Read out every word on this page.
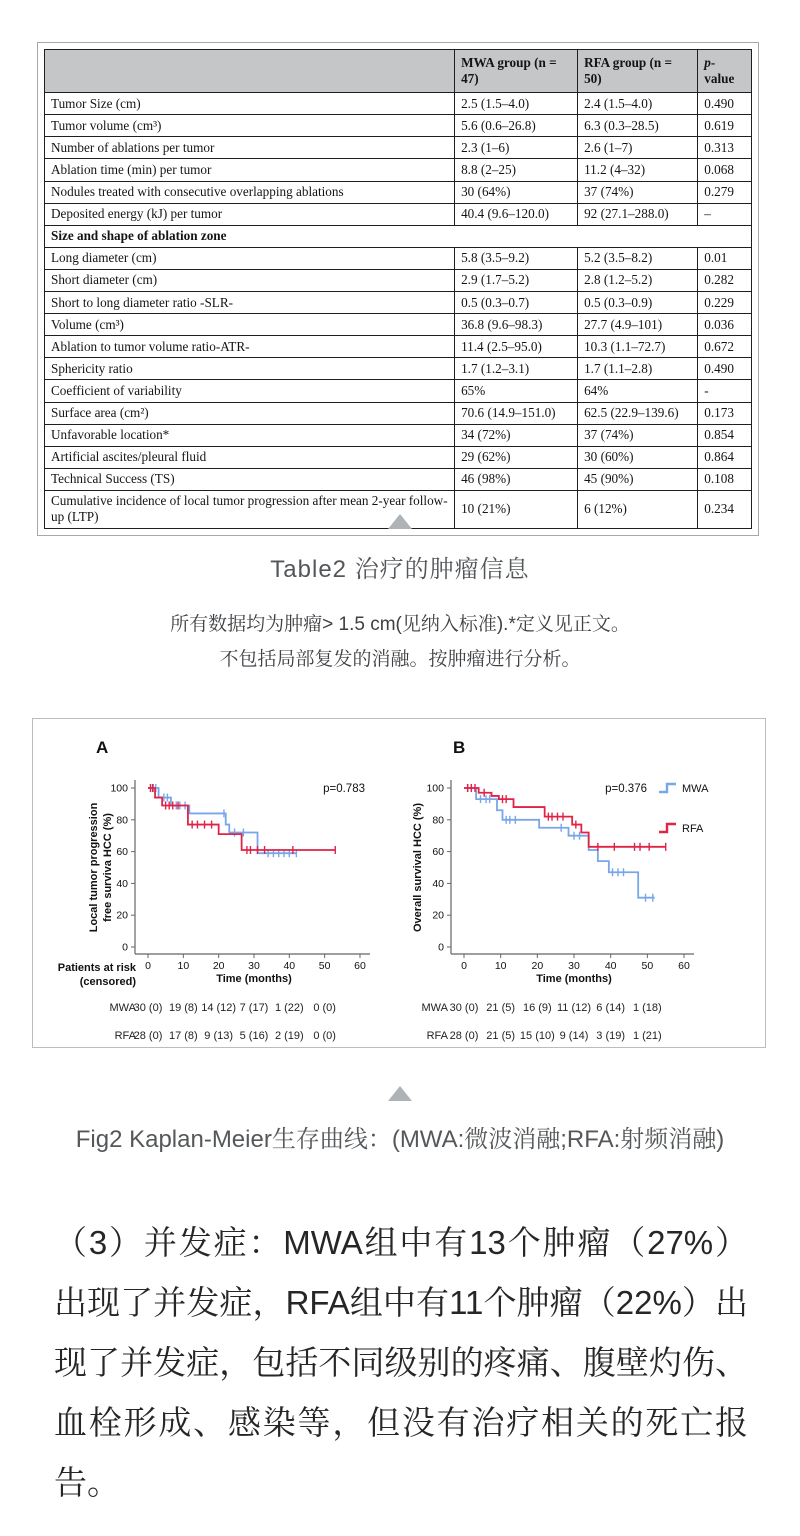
	MWA group (n = 47)	RFA group (n = 50)	p-value
Tumor Size (cm)	2.5 (1.5–4.0)	2.4 (1.5–4.0)	0.490
Tumor volume (cm³)	5.6 (0.6–26.8)	6.3 (0.3–28.5)	0.619
Number of ablations per tumor	2.3 (1–6)	2.6 (1–7)	0.313
Ablation time (min) per tumor	8.8 (2–25)	11.2 (4–32)	0.068
Nodules treated with consecutive overlapping ablations	30 (64%)	37 (74%)	0.279
Deposited energy (kJ) per tumor	40.4 (9.6–120.0)	92 (27.1–288.0)	–
Size and shape of ablation zone			
Long diameter (cm)	5.8 (3.5–9.2)	5.2 (3.5–8.2)	0.01
Short diameter (cm)	2.9 (1.7–5.2)	2.8 (1.2–5.2)	0.282
Short to long diameter ratio -SLR-	0.5 (0.3–0.7)	0.5 (0.3–0.9)	0.229
Volume (cm³)	36.8 (9.6–98.3)	27.7 (4.9–101)	0.036
Ablation to tumor volume ratio-ATR-	11.4 (2.5–95.0)	10.3 (1.1–72.7)	0.672
Sphericity ratio	1.7 (1.2–3.1)	1.7 (1.1–2.8)	0.490
Coefficient of variability	65%	64%	-
Surface area (cm²)	70.6 (14.9–151.0)	62.5 (22.9–139.6)	0.173
Unfavorable location*	34 (72%)	37 (74%)	0.854
Artificial ascites/pleural fluid	29 (62%)	30 (60%)	0.864
Technical Success (TS)	46 (98%)	45 (90%)	0.108
Cumulative incidence of local tumor progression after mean 2-year follow-up (LTP)	10 (21%)	6 (12%)	0.234
Table2 治疗的肿瘤信息
所有数据均为肿瘤> 1.5 cm(见纳入标准).*定义见正文。
不包括局部复发的消融。按肿瘤进行分析。
A
Local tumor progression free surviva HCC (%)
0
20
40
60
80
100
0	10 20 30 40 50 60
Time (months)
p=0.783
Patients at risk
(censored)
MWA
30 (0) 19 (8) 14 (12) 7 (17) 1 (22) 0 (0)
RFA
28 (0) 17 (8) 9 (13) 5 (16) 2 (19) 0 (0)
B
Overall survival HCC (%)
0
20
40
60
80
100
0	10 20 30 40 50 60
Time (months)
p=0.376	MWA
RFA
MWA 30 (0) 21 (5) 16 (9) 11 (12) 6 (14) 1 (18)
RFA 28 (0) 21 (5) 15 (10) 9 (14) 3 (19) 1 (21)
Fig2 Kaplan-Meier生存曲线：(MWA:微波消融;RFA:射频消融)
（3）并发症：MWA组中有13个肿瘤（27%）出现了并发症，RFA组中有11个肿瘤（22%）出现了并发症，包括不同级别的疼痛、腹壁灼伤、血栓形成、感染等，但没有治疗相关的死亡报告。
